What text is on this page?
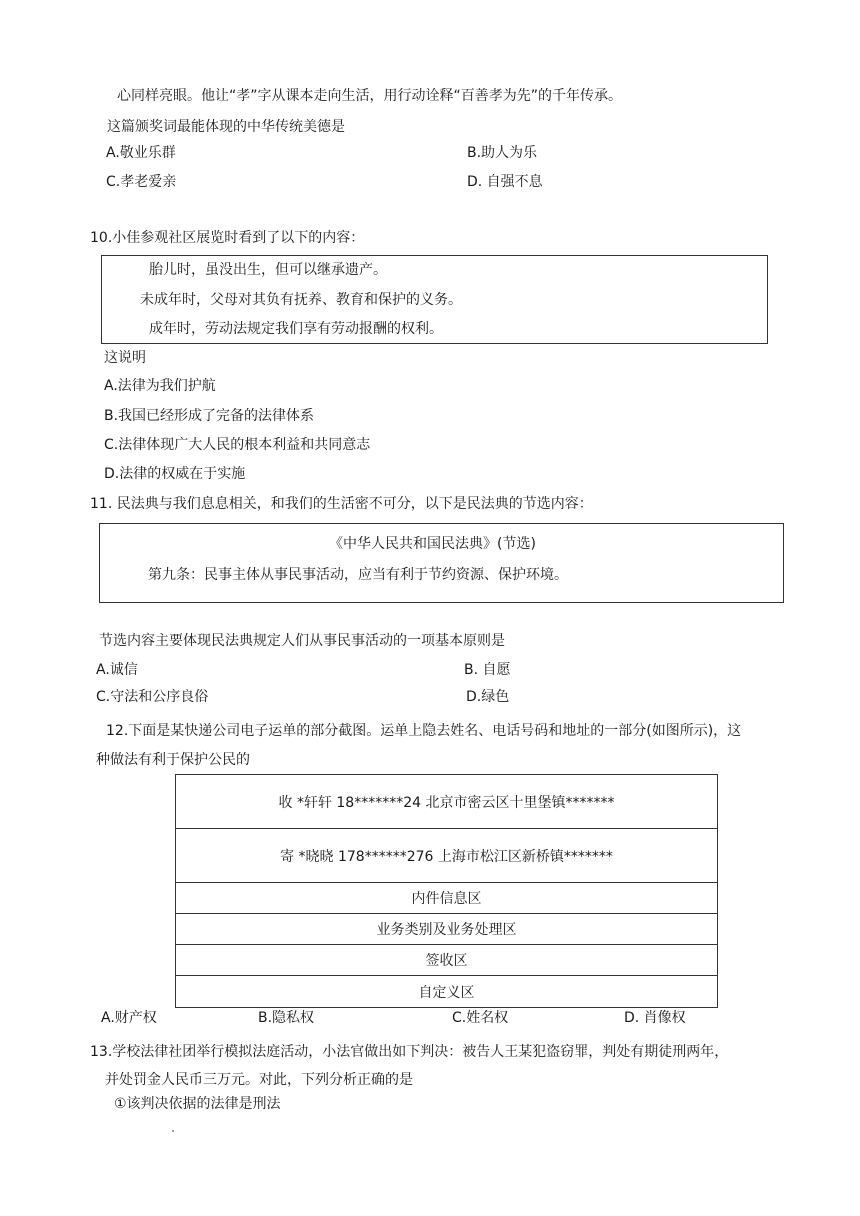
心同样亮眼。他让“孝”字从课本走向生活，用行动诠释“百善孝为先”的千年传承。
这篇颁奖词最能体现的中华传统美德是
A.敬业乐群	B.助人为乐
C.孝老爱亲	D. 自强不息
10.小佳参观社区展览时看到了以下的内容：
胎儿时，虽没出生，但可以继承遗产。
未成年时，父母对其负有抚养、教育和保护的义务。
成年时，劳动法规定我们享有劳动报酬的权利。
这说明
A.法律为我们护航
B.我国已经形成了完备的法律体系
C.法律体现广大人民的根本利益和共同意志
D.法律的权威在于实施
11. 民法典与我们息息相关，和我们的生活密不可分，以下是民法典的节选内容：
《中华人民共和国民法典》(节选)
第九条：民事主体从事民事活动，应当有利于节约资源、保护环境。
节选内容主要体现民法典规定人们从事民事活动的一项基本原则是
A.诚信	B. 自愿
C.守法和公序良俗	D.绿色
12.下面是某快递公司电子运单的部分截图。运单上隐去姓名、电话号码和地址的一部分(如图所示)，这
种做法有利于保护公民的
收 *轩轩 18*******24 北京市密云区十里堡镇*******
寄 *晓晓 178******276 上海市松江区新桥镇*******
内件信息区
业务类别及业务处理区
签收区
自定义区
A.财产权	B.隐私权	C.姓名权	D. 肖像权
13.学校法律社团举行模拟法庭活动，小法官做出如下判决：被告人王某犯盗窃罪，判处有期徒刑两年，
并处罚金人民币三万元。对此，下列分析正确的是
①该判决依据的法律是刑法
